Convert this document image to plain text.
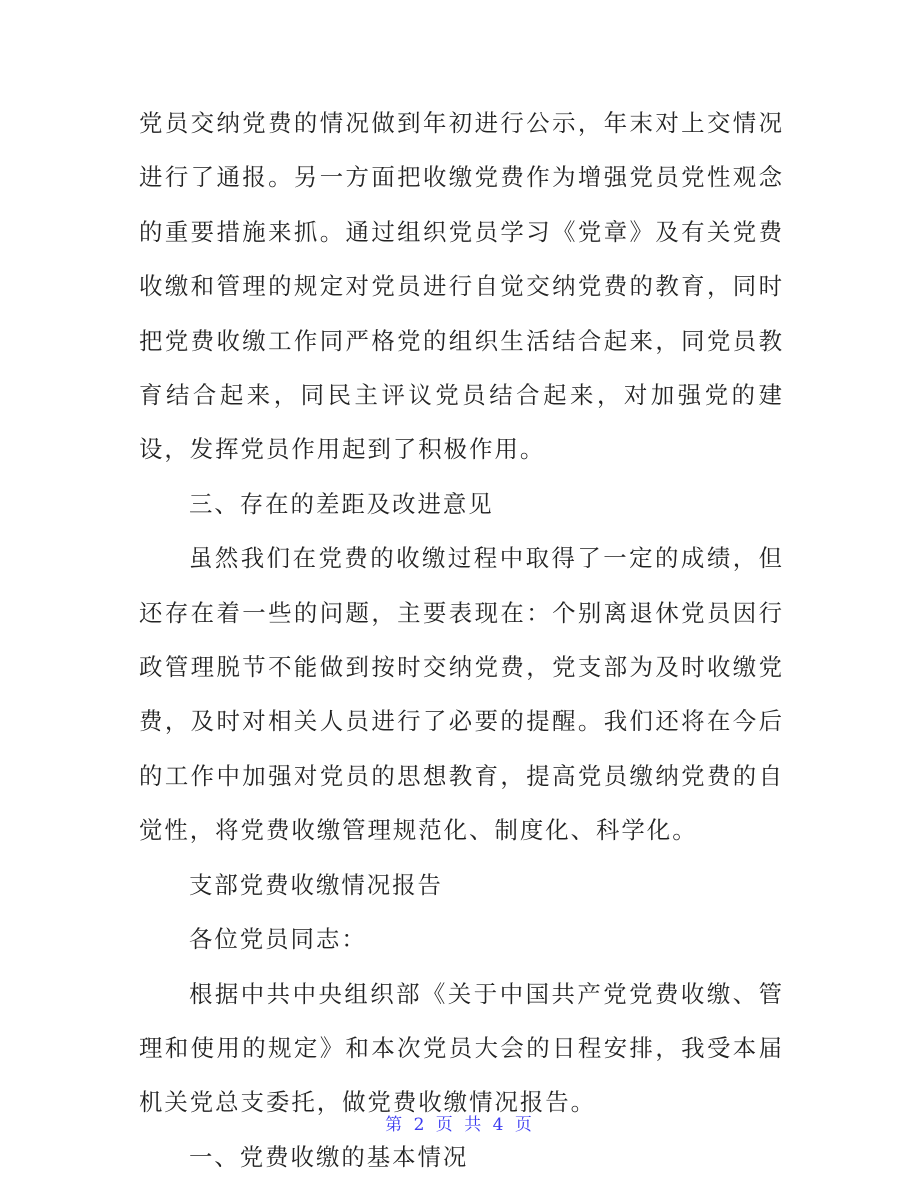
党员交纳党费的情况做到年初进行公示，年末对上交情况进行了通报。另一方面把收缴党费作为增强党员党性观念的重要措施来抓。通过组织党员学习《党章》及有关党费收缴和管理的规定对党员进行自觉交纳党费的教育，同时把党费收缴工作同严格党的组织生活结合起来，同党员教育结合起来，同民主评议党员结合起来，对加强党的建设，发挥党员作用起到了积极作用。

三、存在的差距及改进意见

虽然我们在党费的收缴过程中取得了一定的成绩，但还存在着一些的问题，主要表现在：个别离退休党员因行政管理脱节不能做到按时交纳党费，党支部为及时收缴党费，及时对相关人员进行了必要的提醒。我们还将在今后的工作中加强对党员的思想教育，提高党员缴纳党费的自觉性，将党费收缴管理规范化、制度化、科学化。

支部党费收缴情况报告

各位党员同志：

根据中共中央组织部《关于中国共产党党费收缴、管理和使用的规定》和本次党员大会的日程安排，我受本届机关党总支委托，做党费收缴情况报告。

一、党费收缴的基本情况

第 2 页 共 4 页
